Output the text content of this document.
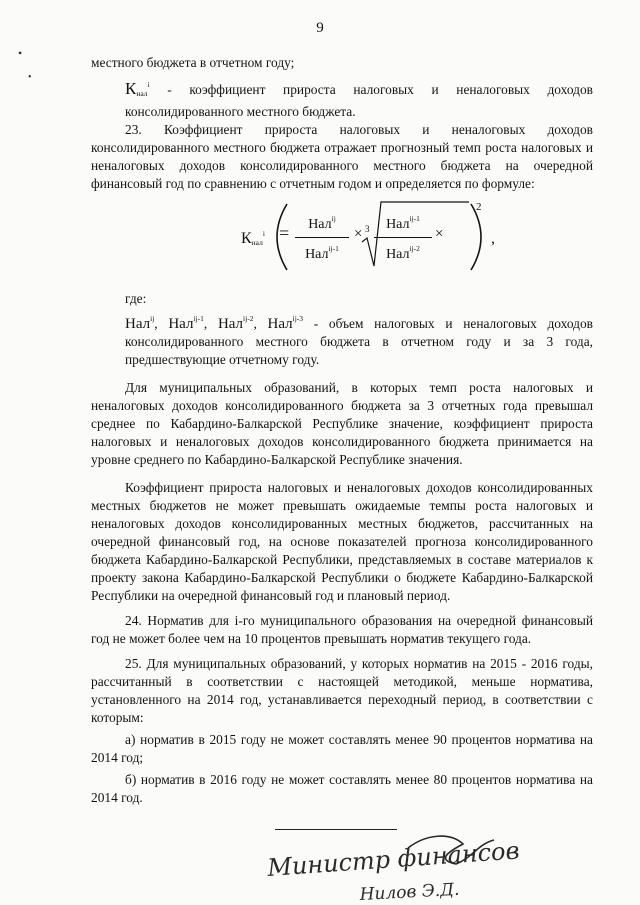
9
•
•

местного бюджета в отчетном году;

$К_{нал}^i$ - коэффициент прироста налоговых и неналоговых доходов консолидированного местного бюджета.

23. Коэффициент прироста налоговых и неналоговых доходов консолидированного местного бюджета отражает прогнозный темп роста налоговых и неналоговых доходов консолидированного местного бюджета на очередной финансовый год по сравнению с отчетным годом и определяется по формуле:

$К_{нал}^i$ =	3
Нал$^{ij}$
Нал$^{ij-1}$
×
Нал$^{ij-1}$
Нал$^{ij-2}$
×
2
,
где:

Нал$^{ij}$, Нал$^{ij-1}$, Нал$^{ij-2}$, Нал$^{ij-3}$ - объем налоговых и неналоговых доходов консолидированного местного бюджета в отчетном году и за 3 года, предшествующие отчетному году.

Для муниципальных образований, в которых темп роста налоговых и неналоговых доходов консолидированного бюджета за 3 отчетных года превышал среднее по Кабардино-Балкарской Республике значение, коэффициент прироста налоговых и неналоговых доходов консолидированного бюджета принимается на уровне среднего по Кабардино-Балкарской Республике значения.

Коэффициент прироста налоговых и неналоговых доходов консолидированных местных бюджетов не может превышать ожидаемые темпы роста налоговых и неналоговых доходов консолидированных местных бюджетов, рассчитанных на очередной финансовый год, на основе показателей прогноза консолидированного бюджета Кабардино-Балкарской Республики, представляемых в составе материалов к проекту закона Кабардино-Балкарской Республики о бюджете Кабардино-Балкарской Республики на очередной финансовый год и плановый период.

24. Норматив для i-го муниципального образования на очередной финансовый год не может более чем на 10 процентов превышать норматив текущего года.

25. Для муниципальных образований, у которых норматив на 2015 - 2016 годы, рассчитанный в соответствии с настоящей методикой, меньше норматива, установленного на 2014 год, устанавливается переходный период, в соответствии с которым:

а) норматив в 2015 году не может составлять менее 90 процентов норматива на 2014 год;

б) норматив в 2016 году не может составлять менее 80 процентов норматива на 2014 год.

Министр финансов
Нилов Э.Д.
